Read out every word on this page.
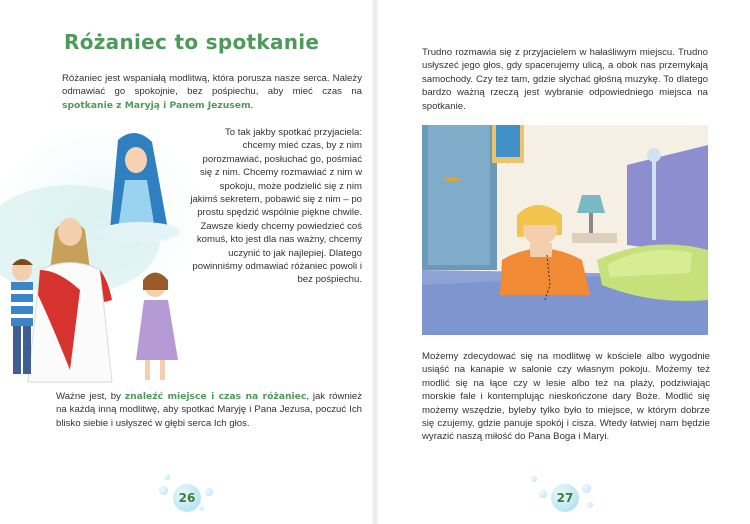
Różaniec to spotkanie

Różaniec jest wspaniałą modlitwą, która porusza nasze serca. Należy odmawiać go spokojnie, bez pośpiechu, aby mieć czas na spotkanie z Maryją i Panem Jezusem.

To tak jakby spotkać przyjaciela: chcemy mieć czas, by z nim porozmawiać, posłuchać go, pośmiać się z nim. Chcemy rozmawiać z nim w spokoju, może podzielić się z nim jakimś sekretem, pobawić się z nim – po prostu spędzić wspólnie piękne chwile.

Zawsze kiedy chcemy powiedzieć coś komuś, kto jest dla nas ważny, chcemy uczynić to jak najlepiej. Dlatego powinniśmy odmawiać różaniec powoli i bez pośpiechu.

Ważne jest, by znaleźć miejsce i czas na różaniec, jak również na każdą inną modlitwę, aby spotkać Maryję i Pana Jezusa, poczuć Ich blisko siebie i usłyszeć w głębi serca Ich głos.

26

Trudno rozmawia się z przyjacielem w hałaśliwym miejscu. Trudno usłyszeć jego głos, gdy spacerujemy ulicą, a obok nas przemykają samochody. Czy też tam, gdzie słychać głośną muzykę. To dlatego bardzo ważną rzeczą jest wybranie odpowiedniego miejsca na spotkanie.

Możemy zdecydować się na modlitwę w kościele albo wygodnie usiąść na kanapie w salonie czy własnym pokoju. Możemy też modlić się na łące czy w lesie albo też na plaży, podziwiając morskie fale i kontemplując nieskończone dary Boże. Modlić się możemy wszędzie, byleby tylko było to miejsce, w którym dobrze się czujemy, gdzie panuje spokój i cisza. Wtedy łatwiej nam będzie wyrazić naszą miłość do Pana Boga i Maryi.

27
